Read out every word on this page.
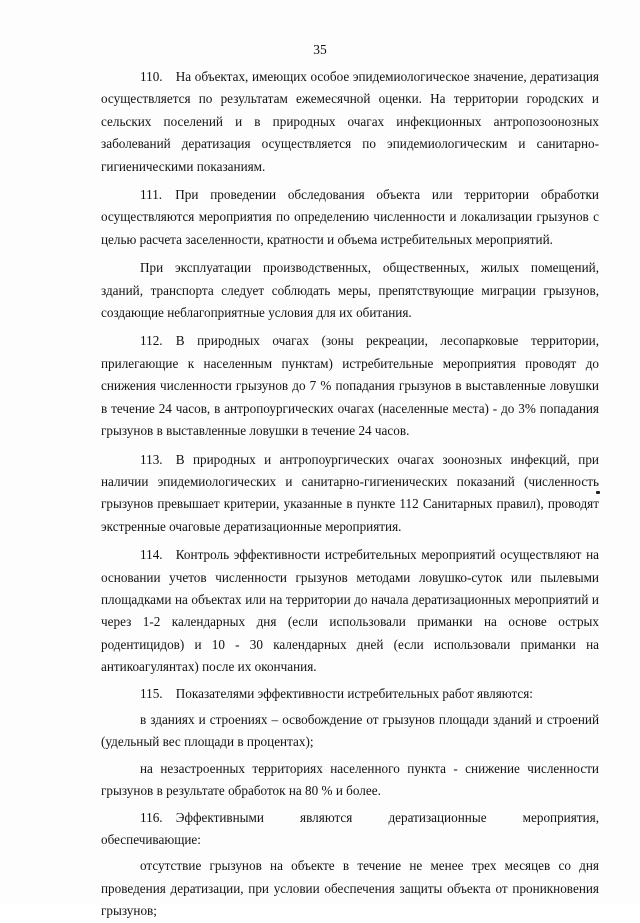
35

110. На объектах, имеющих особое эпидемиологическое значение, дератизация осуществляется по результатам ежемесячной оценки. На территории городских и сельских поселений и в природных очагах инфекционных антропозоонозных заболеваний дератизация осуществляется по эпидемиологическим и санитарно-гигиеническими показаниям.

111. При проведении обследования объекта или территории обработки осуществляются мероприятия по определению численности и локализации грызунов с целью расчета заселенности, кратности и объема истребительных мероприятий.

При эксплуатации производственных, общественных, жилых помещений, зданий, транспорта следует соблюдать меры, препятствующие миграции грызунов, создающие неблагоприятные условия для их обитания.

112. В природных очагах (зоны рекреации, лесопарковые территории, прилегающие к населенным пунктам) истребительные мероприятия проводят до снижения численности грызунов до 7 % попадания грызунов в выставленные ловушки в течение 24 часов, в антропоургических очагах (населенные места) - до 3% попадания грызунов в выставленные ловушки в течение 24 часов.

113. В природных и антропоургических очагах зоонозных инфекций, при наличии эпидемиологических и санитарно-гигиенических показаний (численность грызунов превышает критерии, указанные в пункте 112 Санитарных правил), проводят экстренные очаговые дератизационные мероприятия.

114. Контроль эффективности истребительных мероприятий осуществляют на основании учетов численности грызунов методами ловушко-суток или пылевыми площадками на объектах или на территории до начала дератизационных мероприятий и через 1-2 календарных дня (если использовали приманки на основе острых родентицидов) и 10 - 30 календарных дней (если использовали приманки на антикоагулянтах) после их окончания.

115. Показателями эффективности истребительных работ являются:

в зданиях и строениях – освобождение от грызунов площади зданий и строений (удельный вес площади в процентах);

на незастроенных территориях населенного пункта - снижение численности грызунов в результате обработок на 80 % и более.

116. Эффективными являются дератизационные мероприятия, обеспечивающие:

отсутствие грызунов на объекте в течение не менее трех месяцев со дня проведения дератизации, при условии обеспечения защиты объекта от проникновения грызунов;
